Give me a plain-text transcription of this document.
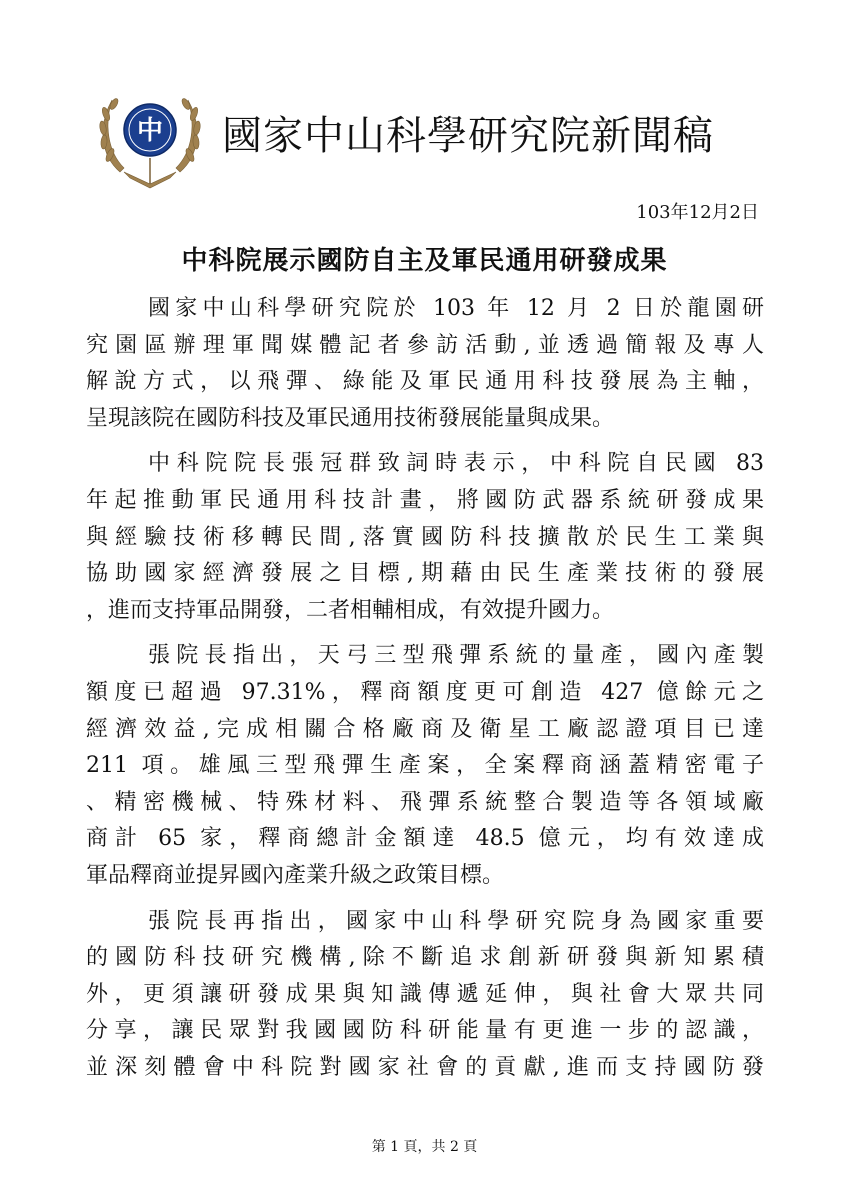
中 國家中山科學研究院新聞稿
103年12月2日
中科院展示國防自主及軍民通用研發成果
國家中山科學研究院於 103 年 12 月 2 日於龍園研
究園區辦理軍聞媒體記者參訪活動,並透過簡報及專人
解說方式，以飛彈、綠能及軍民通用科技發展為主軸，
呈現該院在國防科技及軍民通用技術發展能量與成果。
中科院院長張冠群致詞時表示，中科院自民國 83
年起推動軍民通用科技計畫，將國防武器系統研發成果
與經驗技術移轉民間,落實國防科技擴散於民生工業與
協助國家經濟發展之目標,期藉由民生產業技術的發展
，進而支持軍品開發，二者相輔相成，有效提升國力。
張院長指出，天弓三型飛彈系統的量產，國內產製
額度已超過 97.31%，釋商額度更可創造 427 億餘元之
經濟效益,完成相關合格廠商及衛星工廠認證項目已達
211 項。雄風三型飛彈生產案，全案釋商涵蓋精密電子
、精密機械、特殊材料、飛彈系統整合製造等各領域廠
商計 65 家，釋商總計金額達 48.5 億元，均有效達成
軍品釋商並提昇國內產業升級之政策目標。
張院長再指出，國家中山科學研究院身為國家重要
的國防科技研究機構,除不斷追求創新研發與新知累積
外，更須讓研發成果與知識傳遞延伸，與社會大眾共同
分享，讓民眾對我國國防科研能量有更進一步的認識，
並深刻體會中科院對國家社會的貢獻,進而支持國防發
第 1 頁，共 2 頁
